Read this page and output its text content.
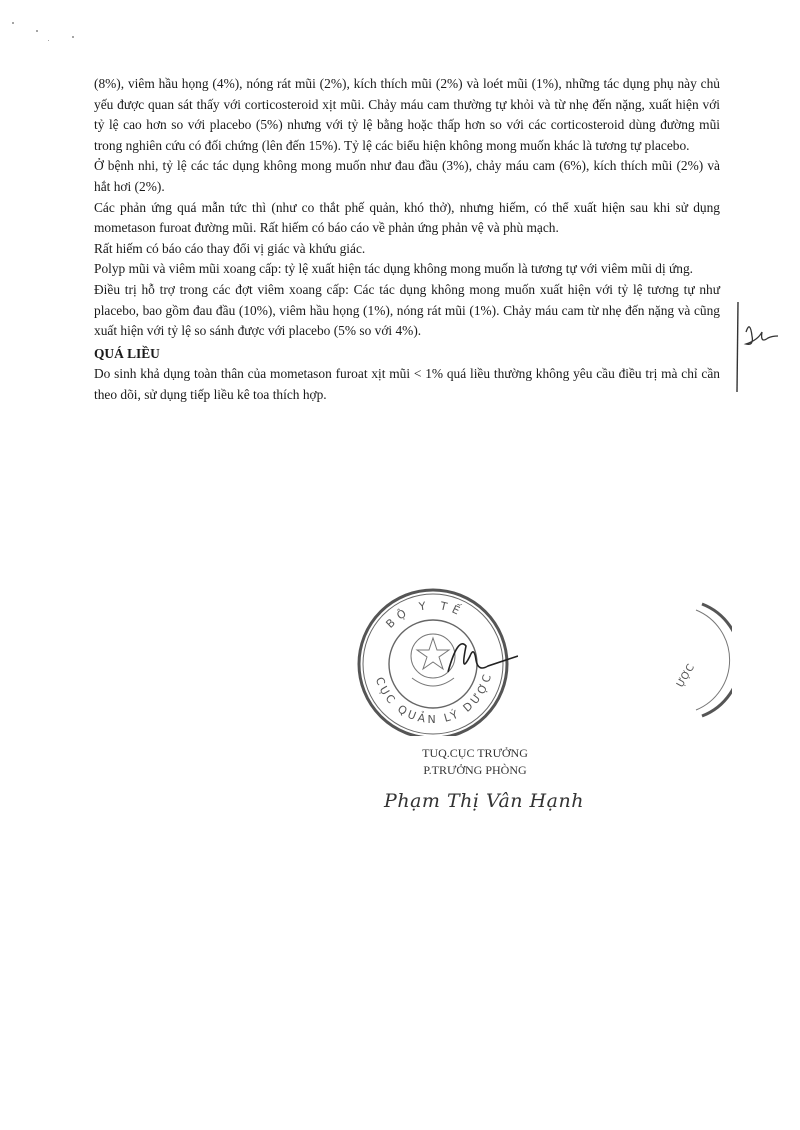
(8%), viêm hầu họng (4%), nóng rát mũi (2%), kích thích mũi (2%) và loét mũi (1%), những tác dụng phụ này chủ yếu được quan sát thấy với corticosteroid xịt mũi. Chảy máu cam thường tự khỏi và từ nhẹ đến nặng, xuất hiện với tỷ lệ cao hơn so với placebo (5%) nhưng với tỷ lệ bằng hoặc thấp hơn so với các corticosteroid dùng đường mũi trong nghiên cứu có đối chứng (lên đến 15%). Tỷ lệ các biểu hiện không mong muốn khác là tương tự placebo.

Ở bệnh nhi, tỷ lệ các tác dụng không mong muốn như đau đầu (3%), chảy máu cam (6%), kích thích mũi (2%) và hắt hơi (2%).

Các phản ứng quá mẫn tức thì (như co thắt phế quản, khó thở), nhưng hiếm, có thể xuất hiện sau khi sử dụng mometason furoat đường mũi. Rất hiếm có báo cáo về phản ứng phản vệ và phù mạch.

Rất hiếm có báo cáo thay đổi vị giác và khứu giác.

Polyp mũi và viêm mũi xoang cấp: tỷ lệ xuất hiện tác dụng không mong muốn là tương tự với viêm mũi dị ứng.

Điều trị hỗ trợ trong các đợt viêm xoang cấp: Các tác dụng không mong muốn xuất hiện với tỷ lệ tương tự như placebo, bao gồm đau đầu (10%), viêm hầu họng (1%), nóng rát mũi (1%). Chảy máu cam từ nhẹ đến nặng và cũng xuất hiện với tỷ lệ so sánh được với placebo (5% so với 4%).

QUÁ LIỀU

Do sinh khả dụng toàn thân của mometason furoat xịt mũi < 1% quá liều thường không yêu cầu điều trị mà chỉ cần theo dõi, sử dụng tiếp liều kê toa thích hợp.

BỘ Y TẾ
CỤC QUẢN LÝ DƯỢC	ỰỢC
TUQ.CỤC TRƯỞNG
P.TRƯỞNG PHÒNG
Phạm Thị Vân Hạnh
